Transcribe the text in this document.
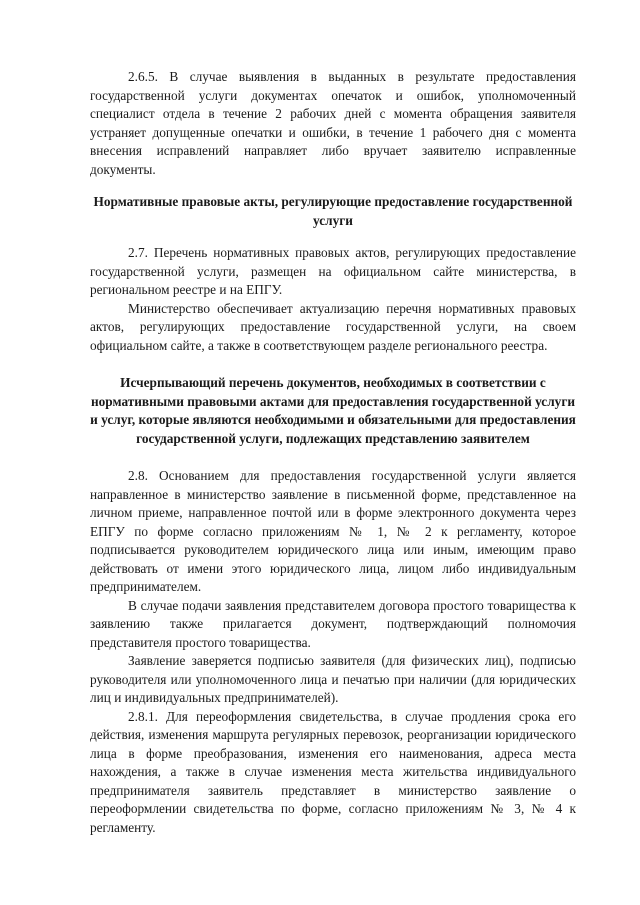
2.6.5. В случае выявления в выданных в результате предоставления государственной услуги документах опечаток и ошибок, уполномоченный специалист отдела в течение 2 рабочих дней с момента обращения заявителя устраняет допущенные опечатки и ошибки, в течение 1 рабочего дня с момента внесения исправлений направляет либо вручает заявителю исправленные документы.

Нормативные правовые акты, регулирующие предоставление государственной услуги

2.7. Перечень нормативных правовых актов, регулирующих предоставление государственной услуги, размещен на официальном сайте министерства, в региональном реестре и на ЕПГУ.

Министерство обеспечивает актуализацию перечня нормативных правовых актов, регулирующих предоставление государственной услуги, на своем официальном сайте, а также в соответствующем разделе регионального реестра.

Исчерпывающий перечень документов, необходимых в соответствии с нормативными правовыми актами для предоставления государственной услуги и услуг, которые являются необходимыми и обязательными для предоставления государственной услуги, подлежащих представлению заявителем

2.8. Основанием для предоставления государственной услуги является направленное в министерство заявление в письменной форме, представленное на личном приеме, направленное почтой или в форме электронного документа через ЕПГУ по форме согласно приложениям № 1, № 2 к регламенту, которое подписывается руководителем юридического лица или иным, имеющим право действовать от имени этого юридического лица, лицом либо индивидуальным предпринимателем.

В случае подачи заявления представителем договора простого товарищества к заявлению также прилагается документ, подтверждающий полномочия представителя простого товарищества.

Заявление заверяется подписью заявителя (для физических лиц), подписью руководителя или уполномоченного лица и печатью при наличии (для юридических лиц и индивидуальных предпринимателей).

2.8.1. Для переоформления свидетельства, в случае продления срока его действия, изменения маршрута регулярных перевозок, реорганизации юридического лица в форме преобразования, изменения его наименования, адреса места нахождения, а также в случае изменения места жительства индивидуального предпринимателя заявитель представляет в министерство заявление о переоформлении свидетельства по форме, согласно приложениям № 3, № 4 к регламенту.
